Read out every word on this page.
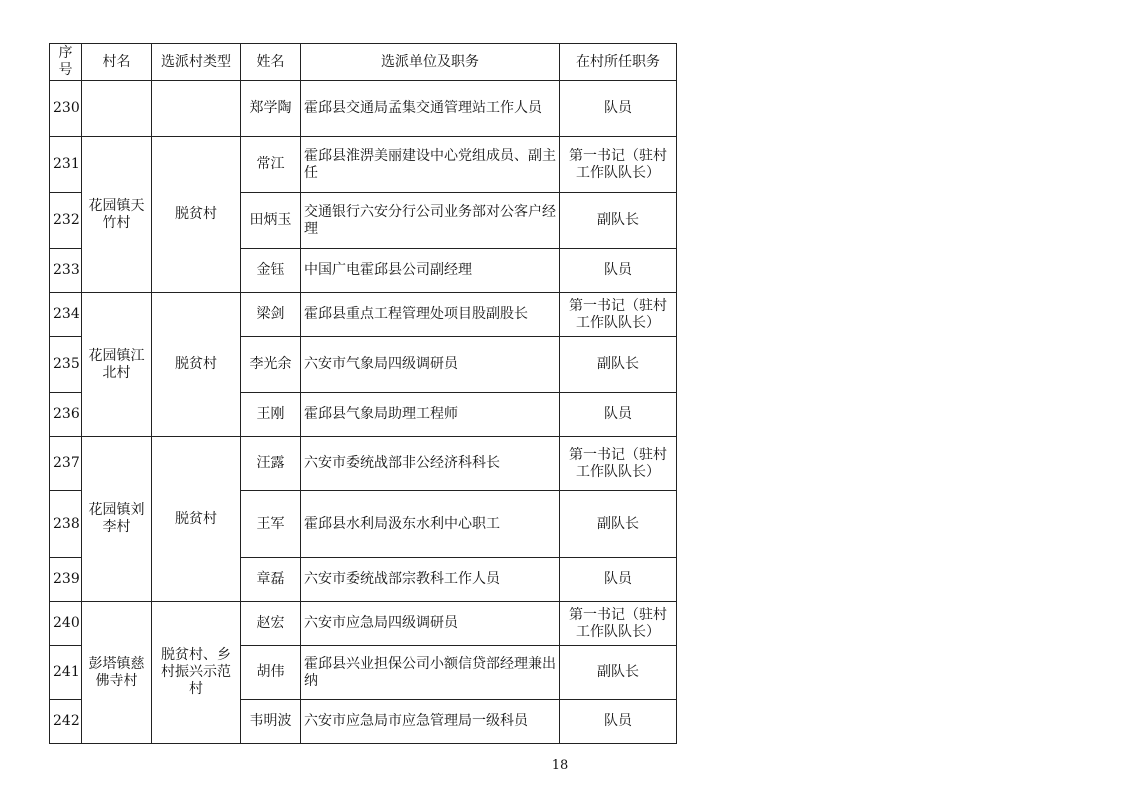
序号	村名	选派村类型	姓名	选派单位及职务	在村所任职务
230			郑学陶	霍邱县交通局孟集交通管理站工作人员	队员
231	花园镇天竹村	脱贫村	常江	霍邱县淮淠美丽建设中心党组成员、副主任	第一书记（驻村工作队队长）
232			田炳玉	交通银行六安分行公司业务部对公客户经理	副队长
233			金钰	中国广电霍邱县公司副经理	队员
234	花园镇江北村	脱贫村	梁剑	霍邱县重点工程管理处项目股副股长	第一书记（驻村工作队队长）
235			李光余	六安市气象局四级调研员	副队长
236			王刚	霍邱县气象局助理工程师	队员
237	花园镇刘李村	脱贫村	汪露	六安市委统战部非公经济科科长	第一书记（驻村工作队队长）
238			王军	霍邱县水利局汲东水利中心职工	副队长
239			章磊	六安市委统战部宗教科工作人员	队员
240	彭塔镇慈佛寺村	脱贫村、乡村振兴示范村	赵宏	六安市应急局四级调研员	第一书记（驻村工作队队长）
241			胡伟	霍邱县兴业担保公司小额信贷部经理兼出纳	副队长
242			韦明波	六安市应急局市应急管理局一级科员	队员
18
